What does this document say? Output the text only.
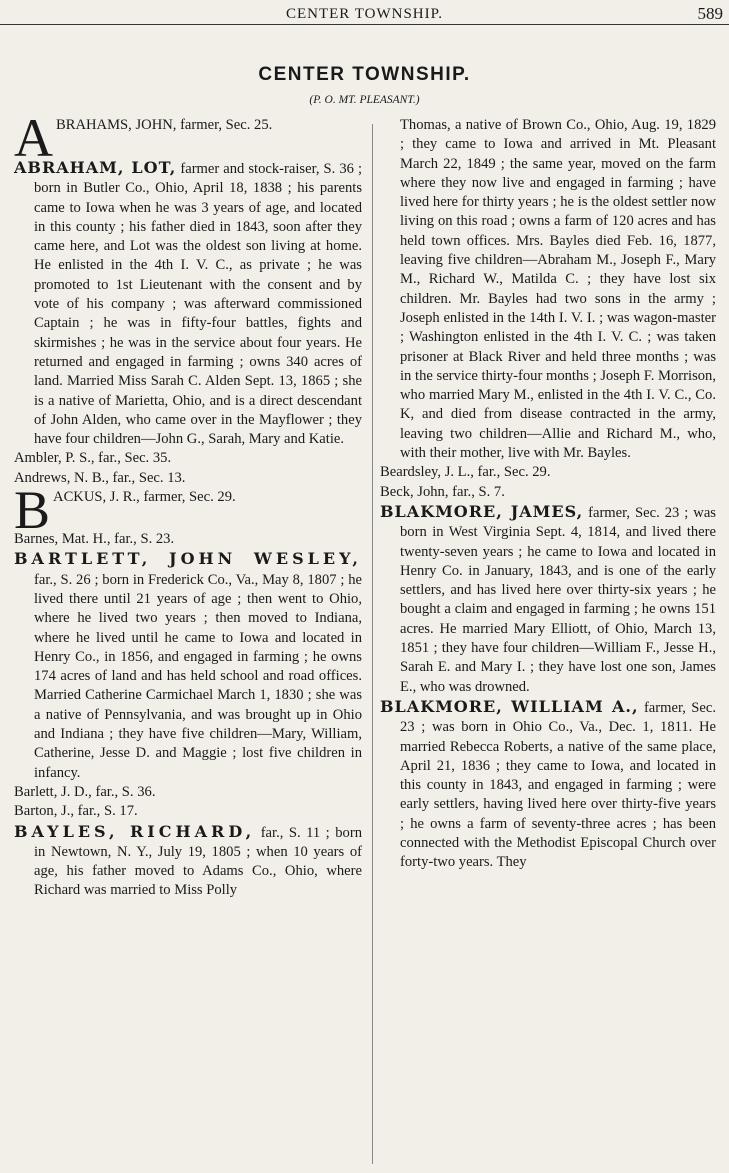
CENTER TOWNSHIP.	589
CENTER TOWNSHIP.
(P. O. MT. PLEASANT.)

ABRAHAMS, JOHN, farmer, Sec. 25.

ABRAHAM, LOT, farmer and stock-raiser, S. 36 ; born in Butler Co., Ohio, April 18, 1838 ; his parents came to Iowa when he was 3 years of age, and located in this county ; his father died in 1843, soon after they came here, and Lot was the oldest son living at home. He enlisted in the 4th I. V. C., as private ; he was promoted to 1st Lieutenant with the consent and by vote of his company ; was afterward commissioned Captain ; he was in fifty-four battles, fights and skirmishes ; he was in the service about four years. He returned and engaged in farming ; owns 340 acres of land. Married Miss Sarah C. Alden Sept. 13, 1865 ; she is a native of Marietta, Ohio, and is a direct descendant of John Alden, who came over in the Mayflower ; they have four children—John G., Sarah, Mary and Katie.

Ambler, P. S., far., Sec. 35.

Andrews, N. B., far., Sec. 13.

BACKUS, J. R., farmer, Sec. 29.

Barnes, Mat. H., far., S. 23.

BARTLETT, JOHN WESLEY, far., S. 26 ; born in Frederick Co., Va., May 8, 1807 ; he lived there until 21 years of age ; then went to Ohio, where he lived two years ; then moved to Indiana, where he lived until he came to Iowa and located in Henry Co., in 1856, and engaged in farming ; he owns 174 acres of land and has held school and road offices. Married Catherine Carmichael March 1, 1830 ; she was a native of Pennsylvania, and was brought up in Ohio and Indiana ; they have five children—Mary, William, Catherine, Jesse D. and Maggie ; lost five children in infancy.

Barlett, J. D., far., S. 36.

Barton, J., far., S. 17.

BAYLES, RICHARD, far., S. 11 ; born in Newtown, N. Y., July 19, 1805 ; when 10 years of age, his father moved to Adams Co., Ohio, where Richard was married to Miss Polly

Thomas, a native of Brown Co., Ohio, Aug. 19, 1829 ; they came to Iowa and arrived in Mt. Pleasant March 22, 1849 ; the same year, moved on the farm where they now live and engaged in farming ; have lived here for thirty years ; he is the oldest settler now living on this road ; owns a farm of 120 acres and has held town offices. Mrs. Bayles died Feb. 16, 1877, leaving five children—Abraham M., Joseph F., Mary M., Richard W., Matilda C. ; they have lost six children. Mr. Bayles had two sons in the army ; Joseph enlisted in the 14th I. V. I. ; was wagon-master ; Washington enlisted in the 4th I. V. C. ; was taken prisoner at Black River and held three months ; was in the service thirty-four months ; Joseph F. Morrison, who married Mary M., enlisted in the 4th I. V. C., Co. K, and died from disease contracted in the army, leaving two children—Allie and Richard M., who, with their mother, live with Mr. Bayles.

Beardsley, J. L., far., Sec. 29.

Beck, John, far., S. 7.

BLAKMORE, JAMES, farmer, Sec. 23 ; was born in West Virginia Sept. 4, 1814, and lived there twenty-seven years ; he came to Iowa and located in Henry Co. in January, 1843, and is one of the early settlers, and has lived here over thirty-six years ; he bought a claim and engaged in farming ; he owns 151 acres. He married Mary Elliott, of Ohio, March 13, 1851 ; they have four children—William F., Jesse H., Sarah E. and Mary I. ; they have lost one son, James E., who was drowned.

BLAKMORE, WILLIAM A., farmer, Sec. 23 ; was born in Ohio Co., Va., Dec. 1, 1811. He married Rebecca Roberts, a native of the same place, April 21, 1836 ; they came to Iowa, and located in this county in 1843, and engaged in farming ; were early settlers, having lived here over thirty-five years ; he owns a farm of seventy-three acres ; has been connected with the Methodist Episcopal Church over forty-two years. They
